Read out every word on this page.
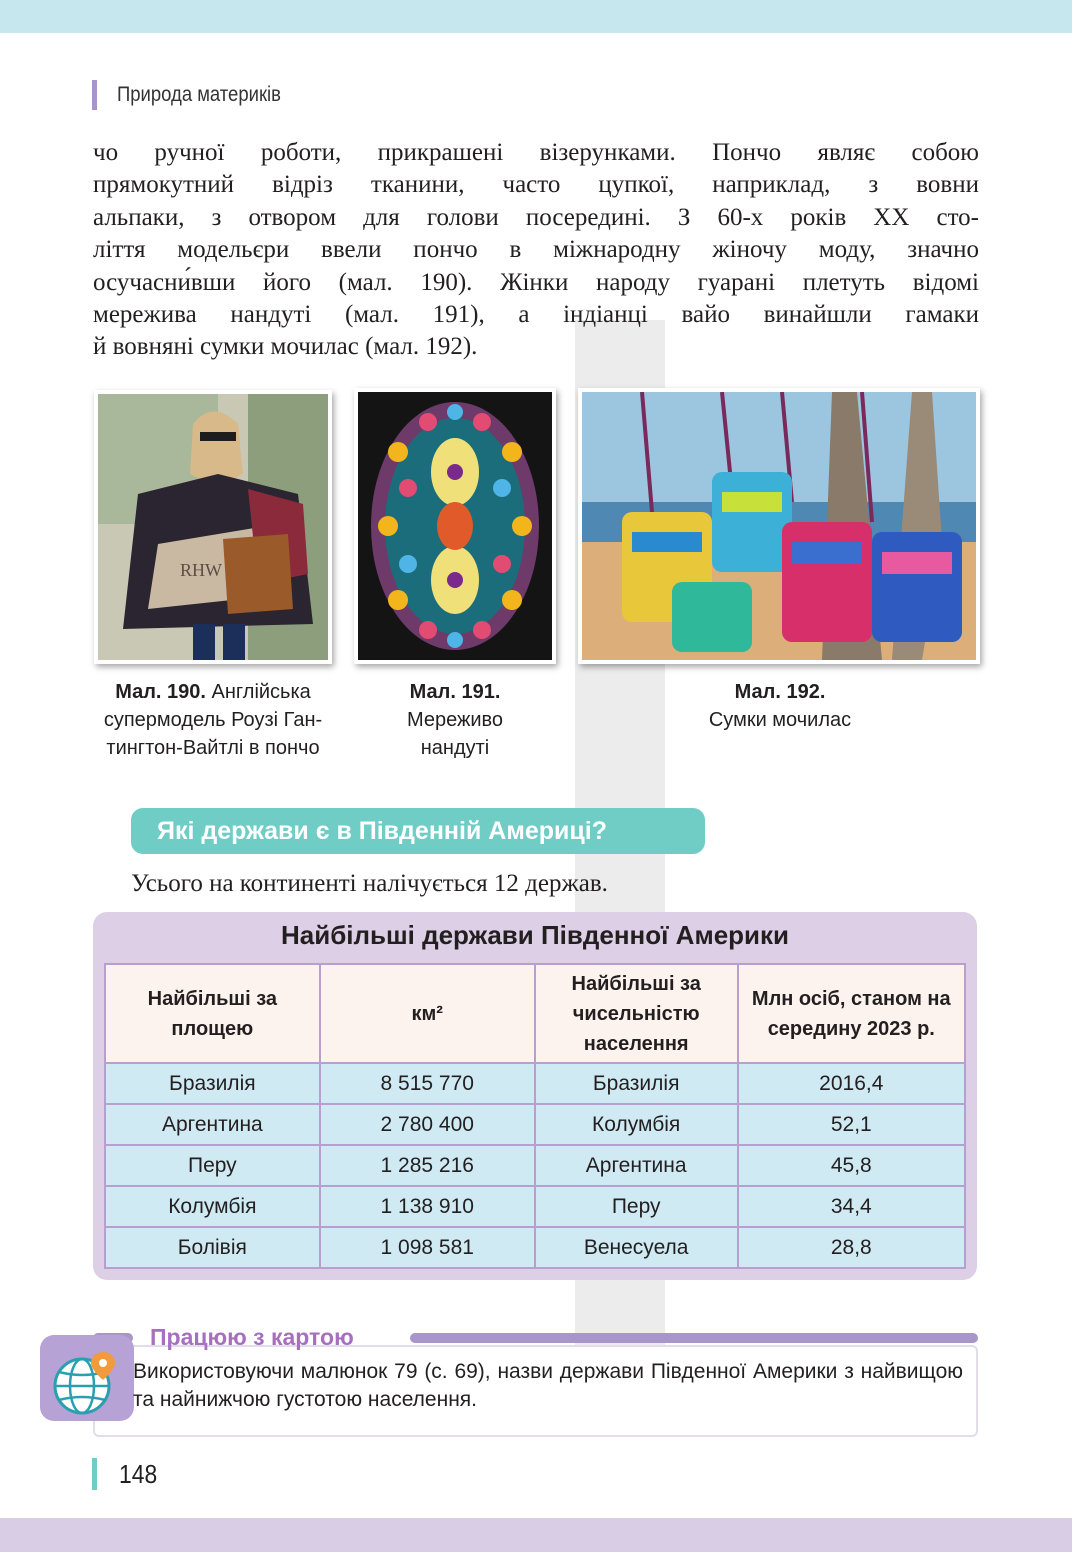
Природа материків
чо ручної роботи, прикрашені візерунками. Пончо являє собою
прямокутний відріз тканини, часто цупкої, наприклад, з вовни
альпаки, з отвором для голови посередині. З 60-х років XX сто-
ліття модельєри ввели пончо в міжнародну жіночу моду, значно
осучасни́вши його (мал. 190). Жінки народу гуарані плетуть відомі
мережива нандуті (мал. 191), а індіанці вайо винайшли гамаки
й вовняні сумки мочилас (мал. 192).
RHW
Мал. 190. Англійська
супермодель Роузі Ган-
тингтон-Вайтлі в пончо
Мал. 191.
Мереживо
нандуті
Мал. 192.
Сумки мочилас
Які держави є в Південній Америці?
Усього на континенті налічується 12 держав.
Найбільші держави Південної Америки
Найбільші за площею	км²	Найбільші за чисельністю населення	Млн осіб, станом на середину 2023 р.
Бразилія	8 515 770	Бразилія	2016,4
Аргентина	2 780 400	Колумбія	52,1
Перу	1 285 216	Аргентина	45,8
Колумбія	1 138 910	Перу	34,4
Болівія	1 098 581	Венесуела	28,8
Працюю з картою
Використовуючи малюнок 79 (с. 69), назви держави Південної Америки з найвищою та найнижчою густотою населення.
148
